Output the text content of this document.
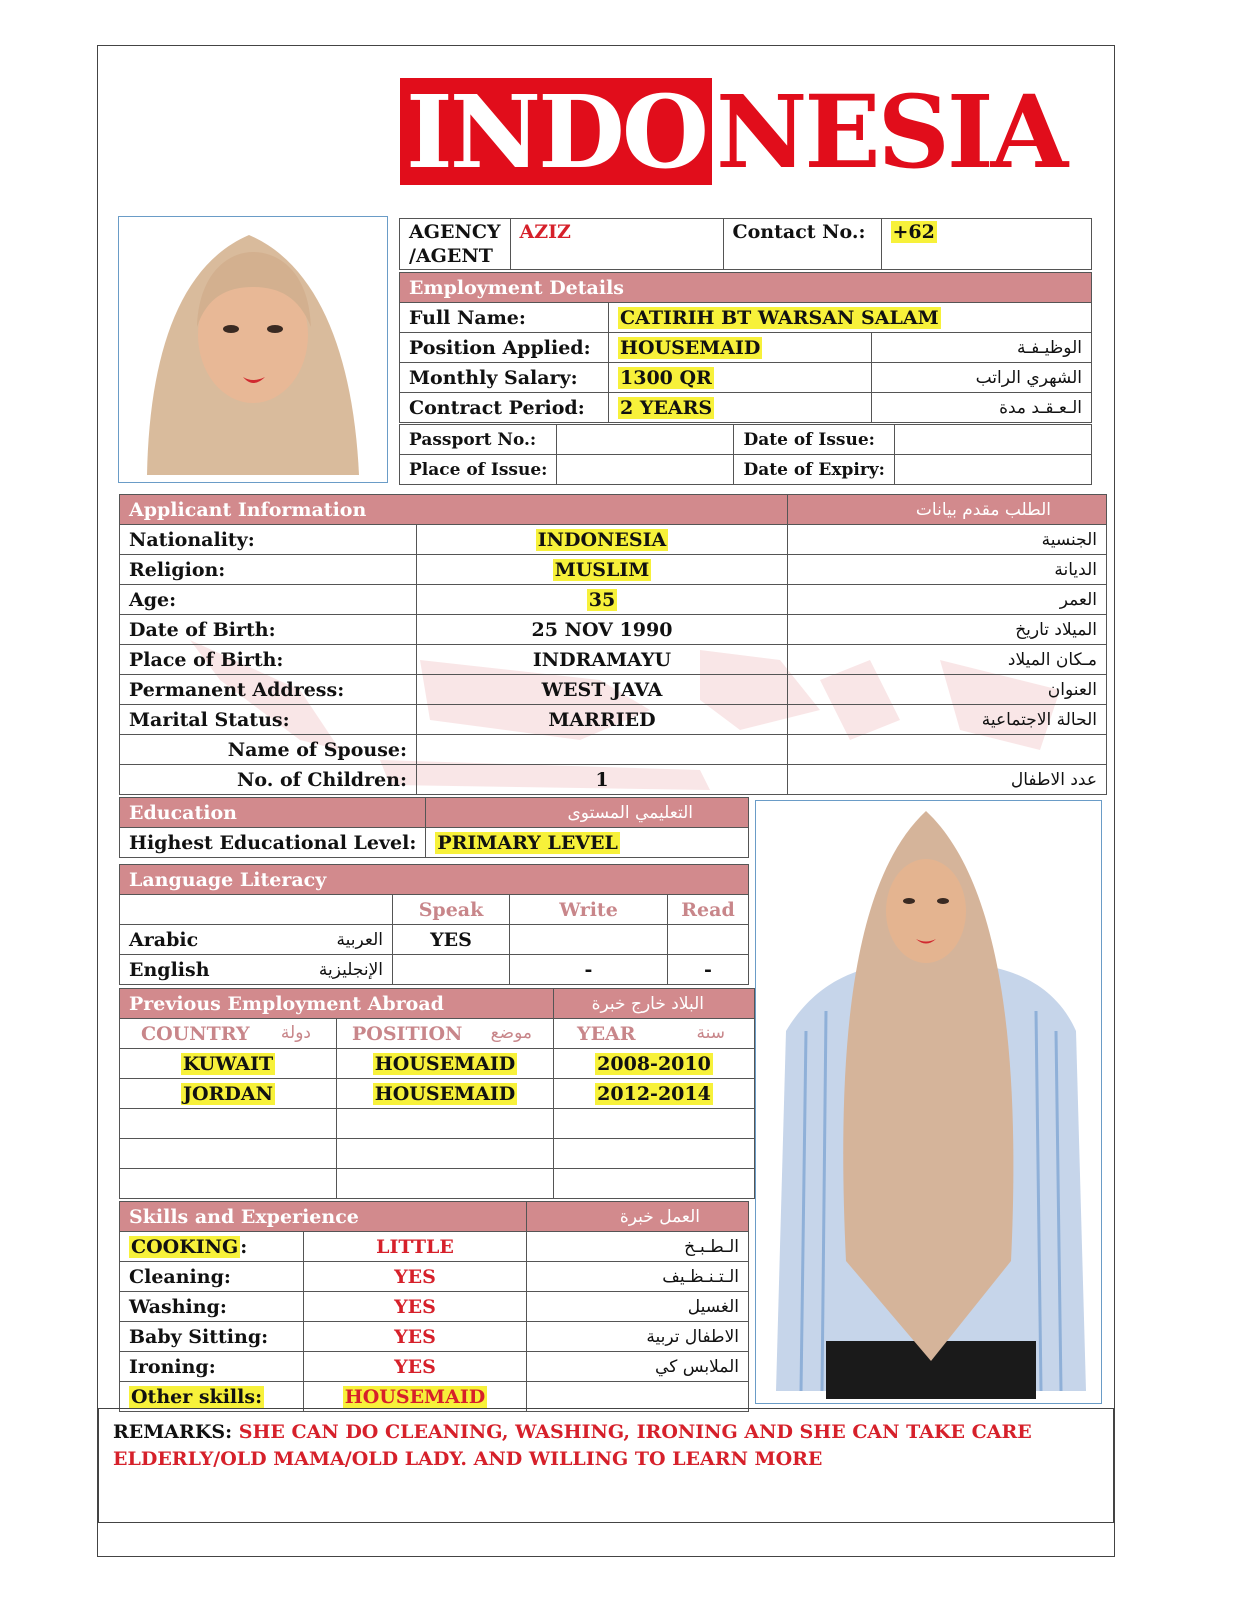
INDO NESIA
AGENCY /AGENT	AZIZ	Contact No.:	+62
Employment Details		
Full Name:	CATIRIH BT WARSAN SALAM	
Position Applied:	HOUSEMAID	الوظيـفـة
Monthly Salary:	1300 QR	الشهري الراتب
Contract Period:	2 YEARS	الـعـقـد مدة
Passport No.:		Date of Issue:	
Place of Issue:		Date of Expiry:	
Applicant Information		الطلب مقدم بيانات
Nationality:	INDONESIA	الجنسية
Religion:	MUSLIM	الديانة
Age:	35	العمر
Date of Birth:	25 NOV 1990	الميلاد تاريخ
Place of Birth:	INDRAMAYU	مـكان الميلاد
Permanent Address:	WEST JAVA	العنوان
Marital Status:	MARRIED	الحالة الاجتماعية
Name of Spouse:		
No. of Children:	1	عدد الاطفال
Education	التعليمي المستوى
Highest Educational Level:	PRIMARY LEVEL
Language Literacy				
		Speak	Write	Read
Arabic	العربية	YES		
English	الإنجليزية		-	-
Previous Employment Abroad		البلاد خارج خبرة
COUNTRY دولة	POSITION موضع	YEAR سنة

KUWAIT	HOUSEMAID	2008-2010
JORDAN	HOUSEMAID	2012-2014

Skills and Experience		العمل خبرة
COOKING :	LITTLE	الـطـبـخ
Cleaning:	YES	الـتـنـظـيف
Washing:	YES	الغسيل
Baby Sitting:	YES	الاطفال تربية
Ironing:	YES	الملابس كي
Other skills:	HOUSEMAID	
REMARKS: SHE CAN DO CLEANING, WASHING, IRONING AND SHE CAN TAKE CARE ELDERLY/OLD MAMA/OLD LADY. AND WILLING TO LEARN MORE
